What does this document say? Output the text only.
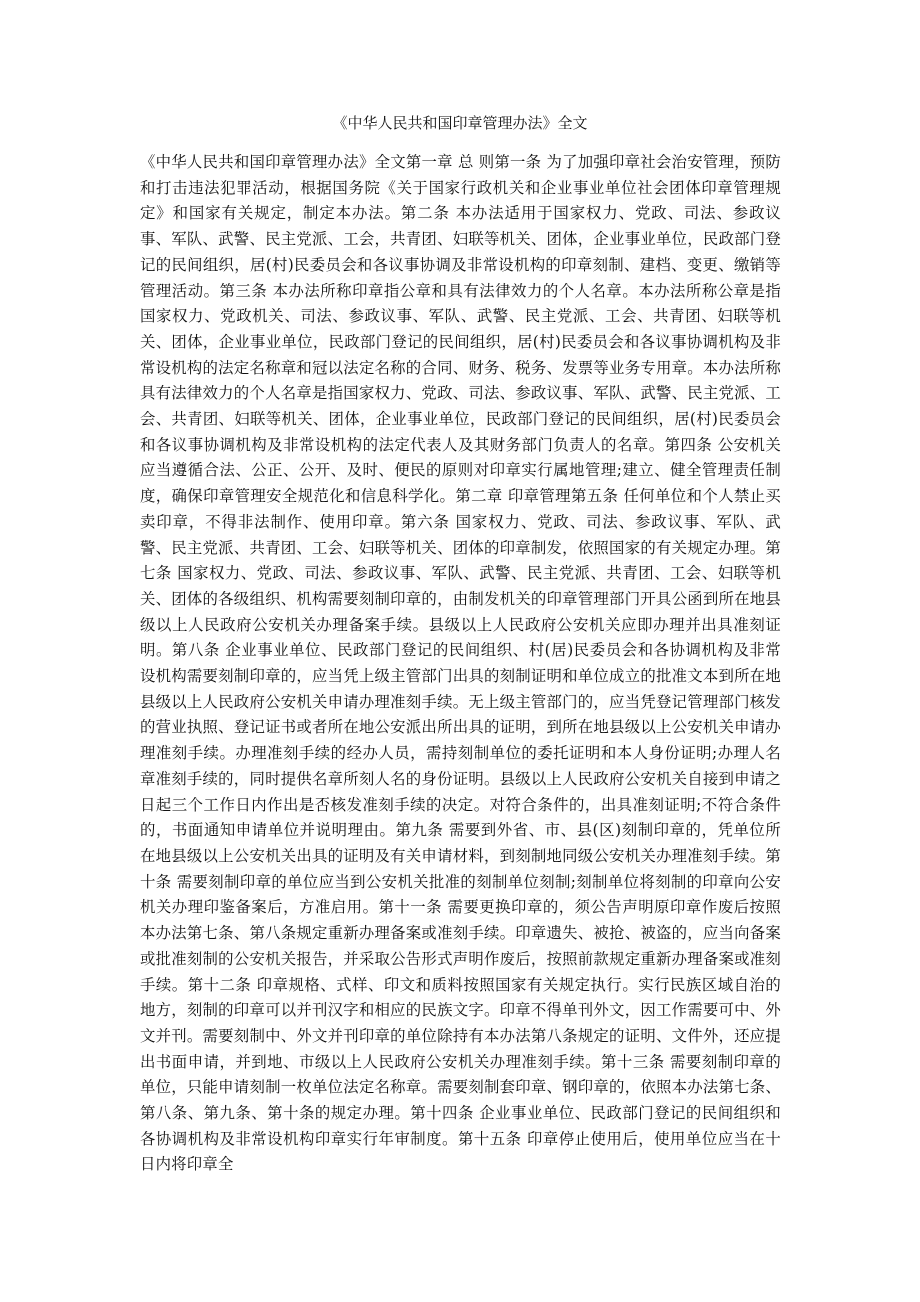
《中华人民共和国印章管理办法》全文

《中华人民共和国印章管理办法》全文第一章 总 则第一条 为了加强印章社会治安管理，预防和打击违法犯罪活动，根据国务院《关于国家行政机关和企业事业单位社会团体印章管理规定》和国家有关规定，制定本办法。第二条 本办法适用于国家权力、党政、司法、参政议事、军队、武警、民主党派、工会，共青团、妇联等机关、团体，企业事业单位，民政部门登记的民间组织，居(村)民委员会和各议事协调及非常设机构的印章刻制、建档、变更、缴销等管理活动。第三条 本办法所称印章指公章和具有法律效力的个人名章。本办法所称公章是指国家权力、党政机关、司法、参政议事、军队、武警、民主党派、工会、共青团、妇联等机关、团体，企业事业单位，民政部门登记的民间组织，居(村)民委员会和各议事协调机构及非常设机构的法定名称章和冠以法定名称的合同、财务、税务、发票等业务专用章。本办法所称具有法律效力的个人名章是指国家权力、党政、司法、参政议事、军队、武警、民主党派、工会、共青团、妇联等机关、团体，企业事业单位，民政部门登记的民间组织，居(村)民委员会和各议事协调机构及非常设机构的法定代表人及其财务部门负责人的名章。第四条 公安机关应当遵循合法、公正、公开、及时、便民的原则对印章实行属地管理;建立、健全管理责任制度，确保印章管理安全规范化和信息科学化。第二章 印章管理第五条 任何单位和个人禁止买卖印章，不得非法制作、使用印章。第六条 国家权力、党政、司法、参政议事、军队、武警、民主党派、共青团、工会、妇联等机关、团体的印章制发，依照国家的有关规定办理。第七条 国家权力、党政、司法、参政议事、军队、武警、民主党派、共青团、工会、妇联等机关、团体的各级组织、机构需要刻制印章的，由制发机关的印章管理部门开具公函到所在地县级以上人民政府公安机关办理备案手续。县级以上人民政府公安机关应即办理并出具准刻证明。第八条 企业事业单位、民政部门登记的民间组织、村(居)民委员会和各协调机构及非常设机构需要刻制印章的，应当凭上级主管部门出具的刻制证明和单位成立的批准文本到所在地县级以上人民政府公安机关申请办理准刻手续。无上级主管部门的，应当凭登记管理部门核发的营业执照、登记证书或者所在地公安派出所出具的证明，到所在地县级以上公安机关申请办理准刻手续。办理准刻手续的经办人员，需持刻制单位的委托证明和本人身份证明;办理人名章准刻手续的，同时提供名章所刻人名的身份证明。县级以上人民政府公安机关自接到申请之日起三个工作日内作出是否核发准刻手续的决定。对符合条件的，出具准刻证明;不符合条件的，书面通知申请单位并说明理由。第九条 需要到外省、市、县(区)刻制印章的，凭单位所在地县级以上公安机关出具的证明及有关申请材料，到刻制地同级公安机关办理准刻手续。第十条 需要刻制印章的单位应当到公安机关批准的刻制单位刻制;刻制单位将刻制的印章向公安机关办理印鉴备案后，方准启用。第十一条 需要更换印章的，须公告声明原印章作废后按照本办法第七条、第八条规定重新办理备案或准刻手续。印章遗失、被抢、被盗的，应当向备案或批准刻制的公安机关报告，并采取公告形式声明作废后，按照前款规定重新办理备案或准刻手续。第十二条 印章规格、式样、印文和质料按照国家有关规定执行。实行民族区域自治的地方，刻制的印章可以并刊汉字和相应的民族文字。印章不得单刊外文，因工作需要可中、外文并刊。需要刻制中、外文并刊印章的单位除持有本办法第八条规定的证明、文件外，还应提出书面申请，并到地、市级以上人民政府公安机关办理准刻手续。第十三条 需要刻制印章的单位，只能申请刻制一枚单位法定名称章。需要刻制套印章、钢印章的，依照本办法第七条、第八条、第九条、第十条的规定办理。第十四条 企业事业单位、民政部门登记的民间组织和各协调机构及非常设机构印章实行年审制度。第十五条 印章停止使用后，使用单位应当在十日内将印章全
